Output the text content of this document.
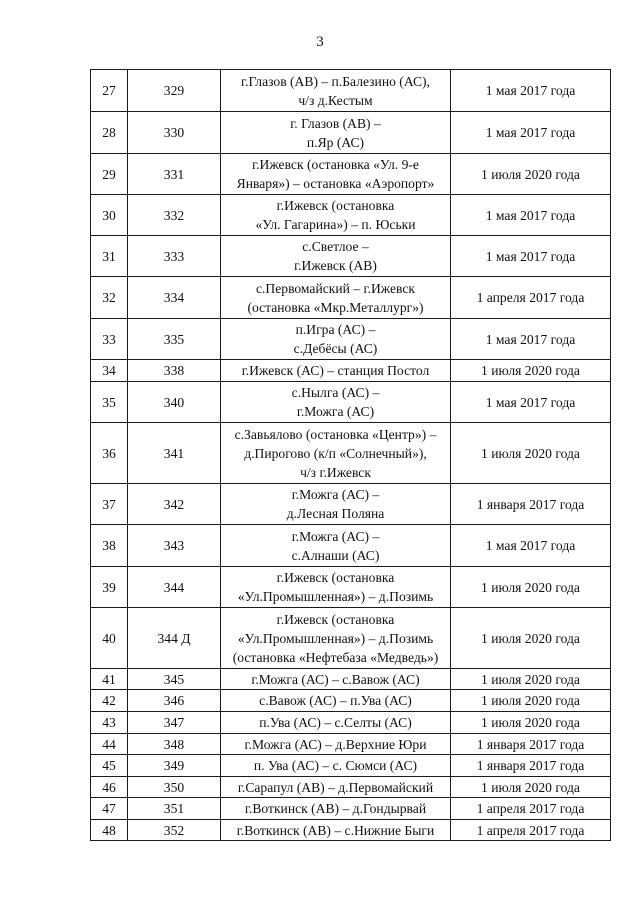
3
27	329	г.Глазов (АВ) – п.Балезино (АС),
ч/з д.Кестым	1 мая 2017 года
28	330	г. Глазов (АВ) –
п.Яр (АС)	1 мая 2017 года
29	331	г.Ижевск (остановка «Ул. 9-е
Января») – остановка «Аэропорт»	1 июля 2020 года
30	332	г.Ижевск (остановка
«Ул. Гагарина») – п. Юськи	1 мая 2017 года
31	333	с.Светлое –
г.Ижевск (АВ)	1 мая 2017 года
32	334	с.Первомайский – г.Ижевск
(остановка «Мкр.Металлург»)	1 апреля 2017 года
33	335	п.Игра (АС) –
с.Дебёсы (АС)	1 мая 2017 года
34	338	г.Ижевск (АС) – станция Постол	1 июля 2020 года
35	340	с.Нылга (АС) –
г.Можга (АС)	1 мая 2017 года
36	341	с.Завьялово (остановка «Центр») –
д.Пирогово (к/п «Солнечный»),
ч/з г.Ижевск	1 июля 2020 года
37	342	г.Можга (АС) –
д.Лесная Поляна	1 января 2017 года
38	343	г.Можга (АС) –
с.Алнаши (АС)	1 мая 2017 года
39	344	г.Ижевск (остановка
«Ул.Промышленная») – д.Позимь	1 июля 2020 года
40	344 Д	г.Ижевск (остановка
«Ул.Промышленная») – д.Позимь
(остановка «Нефтебаза «Медведь»)	1 июля 2020 года
41	345	г.Можга (АС) – с.Вавож (АС)	1 июля 2020 года
42	346	с.Вавож (АС) – п.Ува (АС)	1 июля 2020 года
43	347	п.Ува (АС) – с.Селты (АС)	1 июля 2020 года
44	348	г.Можга (АС) – д.Верхние Юри	1 января 2017 года
45	349	п. Ува (АС) – с. Сюмси (АС)	1 января 2017 года
46	350	г.Сарапул (АВ) – д.Первомайский	1 июля 2020 года
47	351	г.Воткинск (АВ) – д.Гондырвай	1 апреля 2017 года
48	352	г.Воткинск (АВ) – с.Нижние Быги	1 апреля 2017 года
